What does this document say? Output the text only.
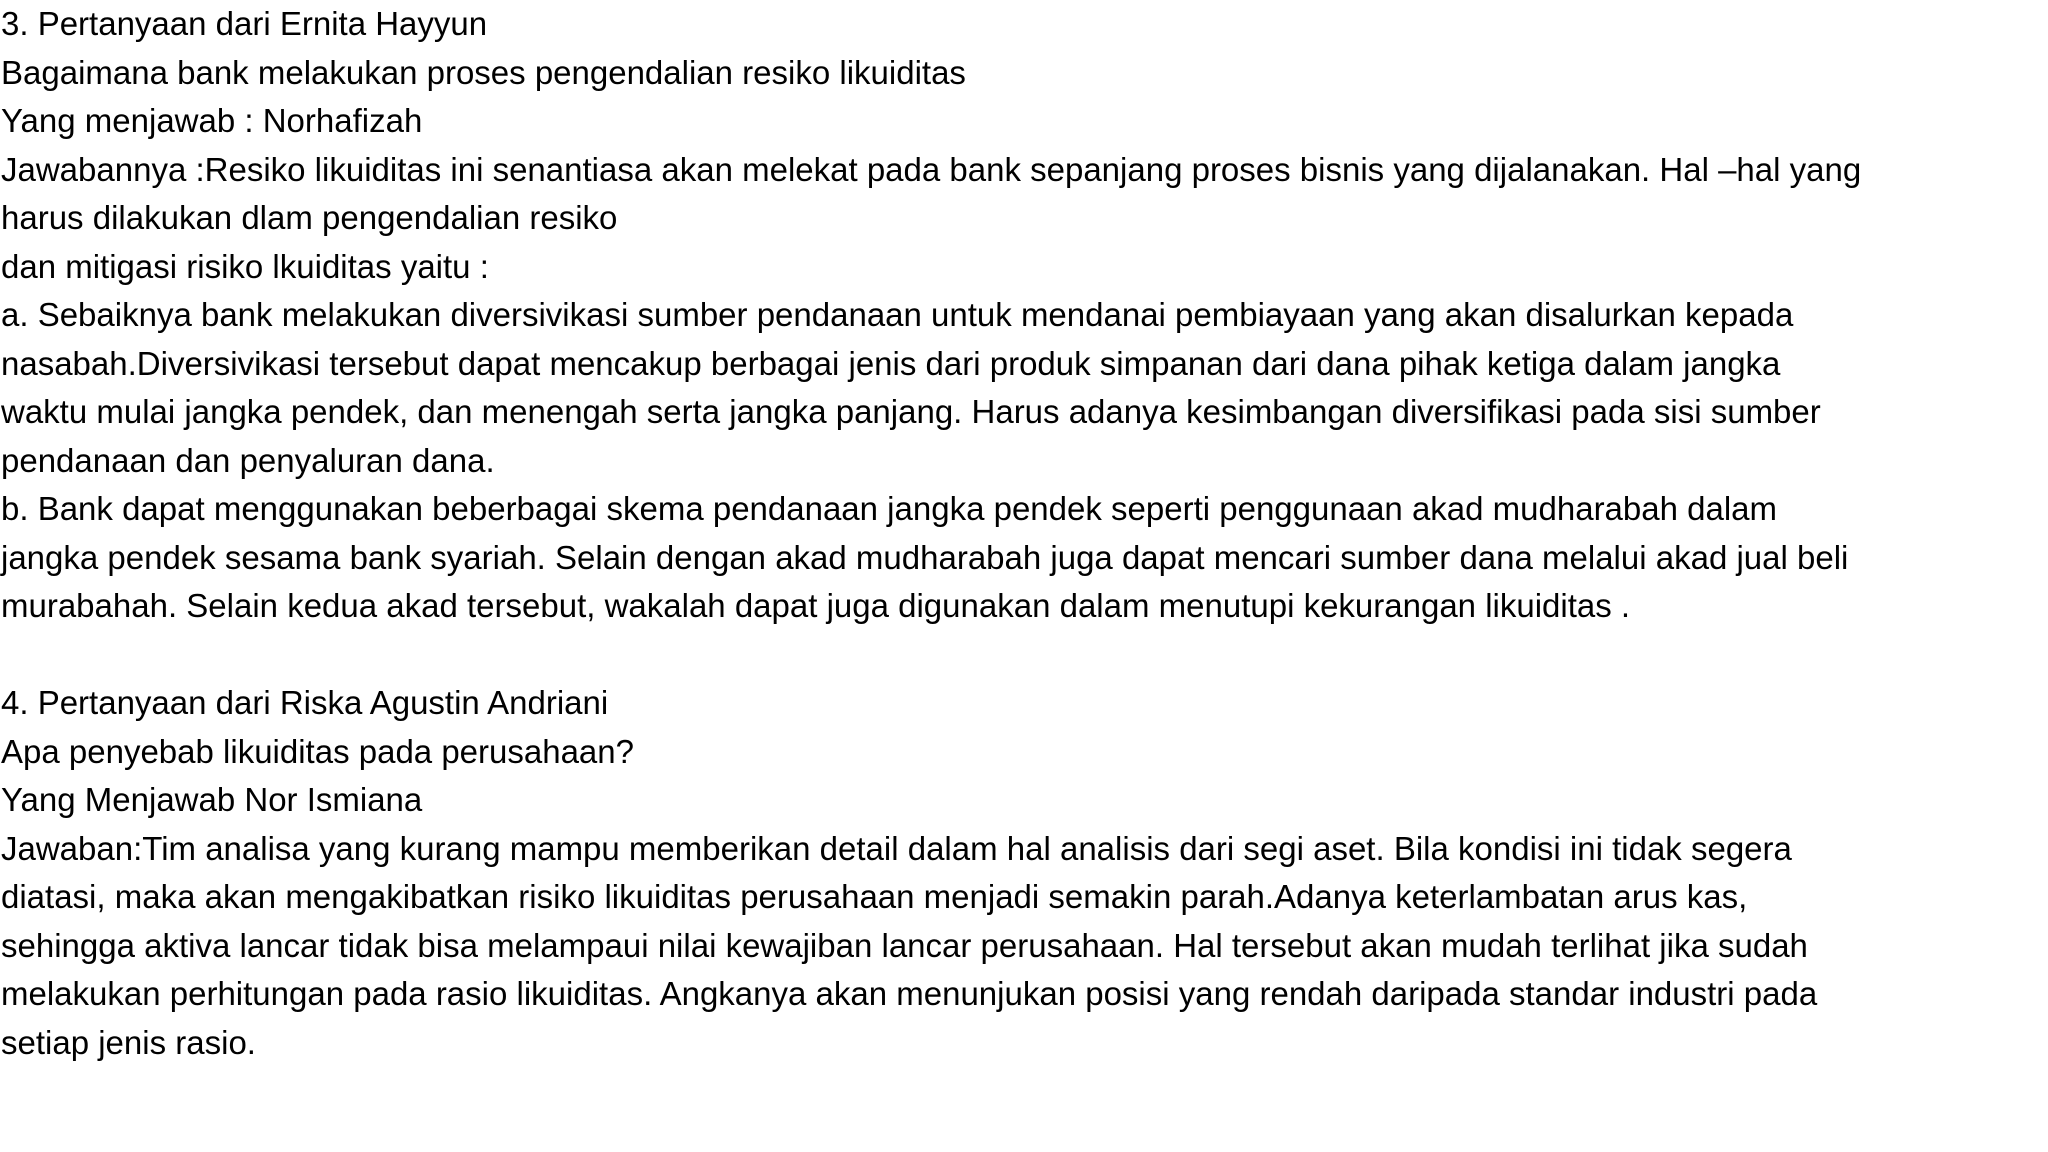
3. Pertanyaan dari Ernita Hayyun
Bagaimana bank melakukan proses pengendalian resiko likuiditas
Yang menjawab : Norhafizah
Jawabannya :Resiko likuiditas ini senantiasa akan melekat pada bank sepanjang proses bisnis yang dijalanakan. Hal –hal yang
harus dilakukan dlam pengendalian resiko
dan mitigasi risiko lkuiditas yaitu :
a. Sebaiknya bank melakukan diversivikasi sumber pendanaan untuk mendanai pembiayaan yang akan disalurkan kepada
nasabah.Diversivikasi tersebut dapat mencakup berbagai jenis dari produk simpanan dari dana pihak ketiga dalam jangka
waktu mulai jangka pendek, dan menengah serta jangka panjang. Harus adanya kesimbangan diversifikasi pada sisi sumber
pendanaan dan penyaluran dana.
b. Bank dapat menggunakan beberbagai skema pendanaan jangka pendek seperti penggunaan akad mudharabah dalam
jangka pendek sesama bank syariah. Selain dengan akad mudharabah juga dapat mencari sumber dana melalui akad jual beli
murabahah. Selain kedua akad tersebut, wakalah dapat juga digunakan dalam menutupi kekurangan likuiditas .
4. Pertanyaan dari Riska Agustin Andriani
Apa penyebab likuiditas pada perusahaan?
Yang Menjawab Nor Ismiana
Jawaban:Tim analisa yang kurang mampu memberikan detail dalam hal analisis dari segi aset. Bila kondisi ini tidak segera
diatasi, maka akan mengakibatkan risiko likuiditas perusahaan menjadi semakin parah.Adanya keterlambatan arus kas,
sehingga aktiva lancar tidak bisa melampaui nilai kewajiban lancar perusahaan. Hal tersebut akan mudah terlihat jika sudah
melakukan perhitungan pada rasio likuiditas. Angkanya akan menunjukan posisi yang rendah daripada standar industri pada
setiap jenis rasio.
